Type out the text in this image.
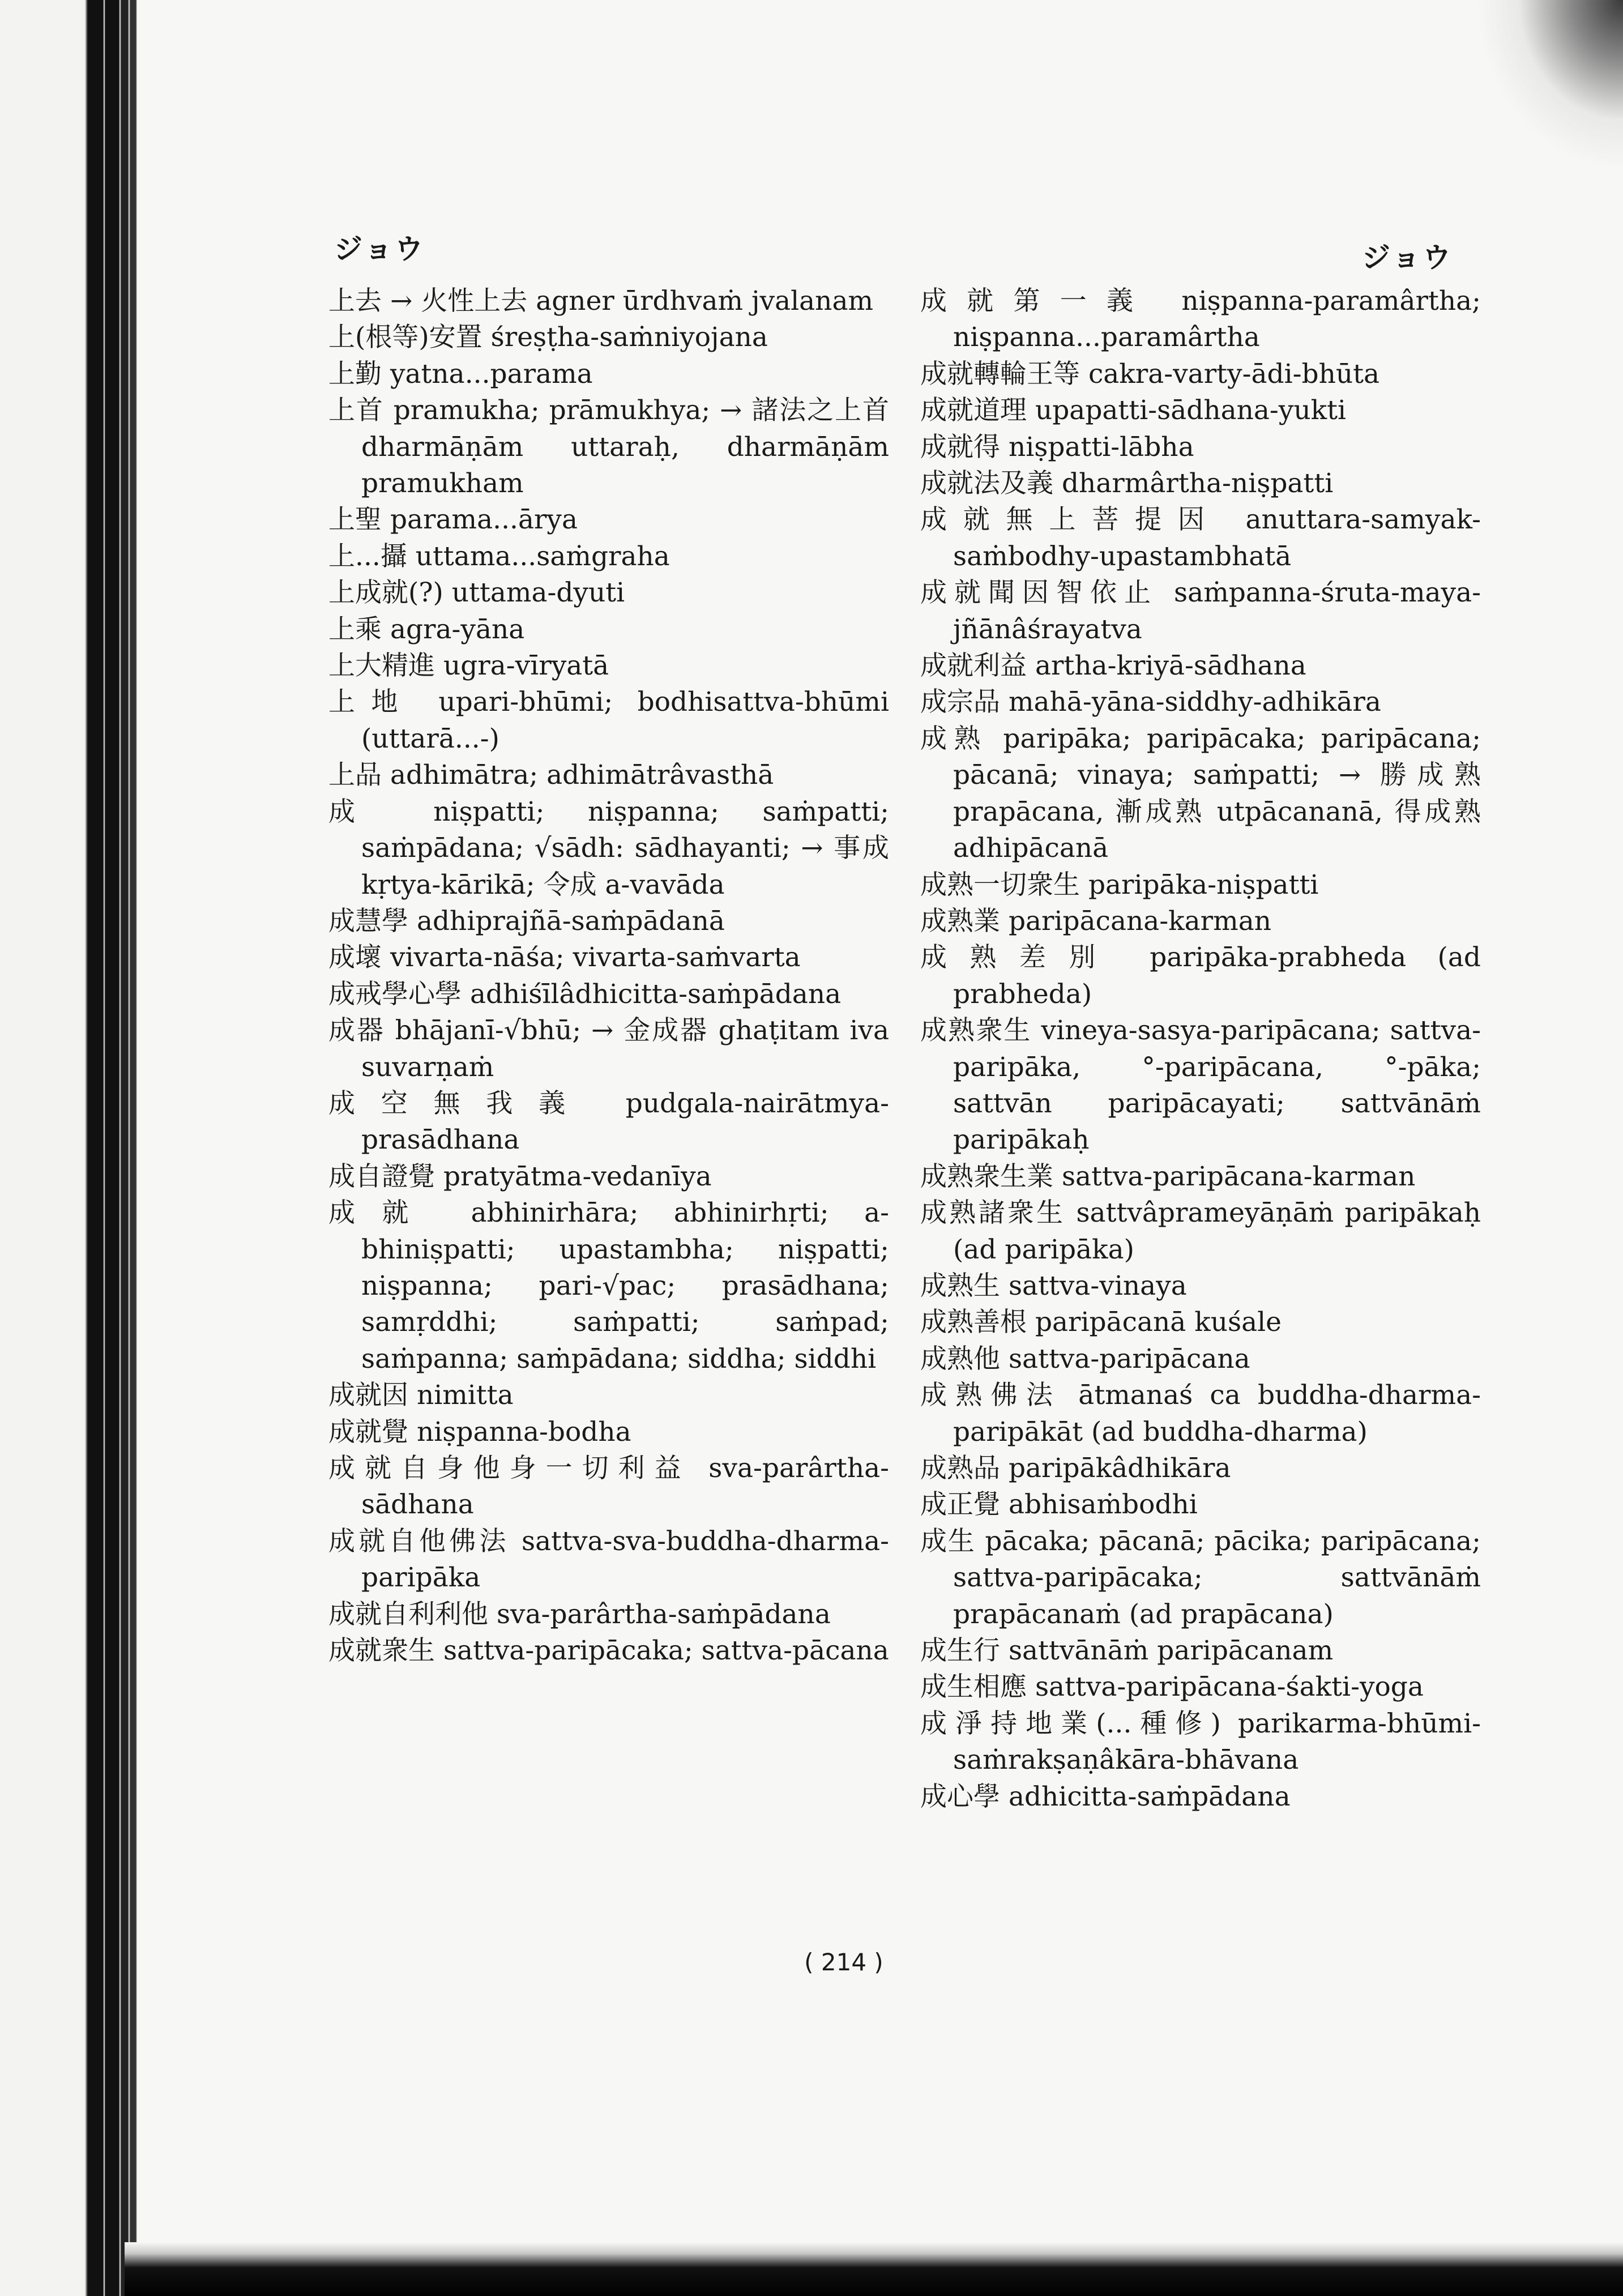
ジョウ	ジョウ

上去 → 火性上去 agner ūrdhvaṁ jvalanam

上(根等)安置 śreṣṭha-saṁniyojana

上勤 yatna...parama

上首 pramukha; prāmukhya; → 諸法之上首 dharmāṇām uttaraḥ, dharmāṇām pramukham

上聖 parama...ārya

上...攝 uttama...saṁgraha

上成就(?) uttama-dyuti

上乘 agra-yāna

上大精進 ugra-vīryatā

上地 upari-bhūmi; bodhisattva-bhūmi (uttarā...-)

上品 adhimātra; adhimātrâvasthā

成 niṣpatti; niṣpanna; saṁpatti; saṁpādana; √sādh: sādhayanti; → 事成 kṛtya-kārikā; 令成 a-vavāda

成慧學 adhiprajñā-saṁpādanā

成壞 vivarta-nāśa; vivarta-saṁvarta

成戒學心學 adhiśīlâdhicitta-saṁpādana

成器 bhājanī-√bhū; → 金成器 ghaṭitam iva suvarṇaṁ

成空無我義 pudgala-nairātmya-prasādhana

成自證覺 pratyātma-vedanīya

成就 abhinirhāra; abhinirhṛti; a-bhiniṣpatti; upastambha; niṣpatti; niṣpanna; pari-√pac; prasādhana; samṛddhi; saṁpatti; saṁpad; saṁpanna; saṁpādana; siddha; siddhi

成就因 nimitta

成就覺 niṣpanna-bodha

成就自身他身一切利益 sva-parârtha-sādhana

成就自他佛法 sattva-sva-buddha-dharma-paripāka

成就自利利他 sva-parârtha-saṁpādana

成就衆生 sattva-paripācaka; sattva-pācana

成就第一義 niṣpanna-paramârtha; niṣpanna...paramârtha

成就轉輪王等 cakra-varty-ādi-bhūta

成就道理 upapatti-sādhana-yukti

成就得 niṣpatti-lābha

成就法及義 dharmârtha-niṣpatti

成就無上菩提因 anuttara-samyak-saṁbodhy-upastambhatā

成就聞因智依止 saṁpanna-śruta-maya-jñānâśrayatva

成就利益 artha-kriyā-sādhana

成宗品 mahā-yāna-siddhy-adhikāra

成熟 paripāka; paripācaka; paripācana; pācanā; vinaya; saṁpatti; → 勝成熟 prapācana, 漸成熟 utpācananā, 得成熟 adhipācanā

成熟一切衆生 paripāka-niṣpatti

成熟業 paripācana-karman

成熟差別 paripāka-prabheda (ad prabheda)

成熟衆生 vineya-sasya-paripācana; sattva-paripāka, °-paripācana, °-pāka; sattvān paripācayati; sattvānāṁ paripākaḥ

成熟衆生業 sattva-paripācana-karman

成熟諸衆生 sattvâprameyāṇāṁ paripākaḥ (ad paripāka)

成熟生 sattva-vinaya

成熟善根 paripācanā kuśale

成熟他 sattva-paripācana

成熟佛法 ātmanaś ca buddha-dharma-paripākāt (ad buddha-dharma)

成熟品 paripākâdhikāra

成正覺 abhisaṁbodhi

成生 pācaka; pācanā; pācika; paripācana; sattva-paripācaka; sattvānāṁ prapācanaṁ (ad prapācana)

成生行 sattvānāṁ paripācanam

成生相應 sattva-paripācana-śakti-yoga

成淨持地業(...種修) parikarma-bhūmi-saṁrakṣaṇâkāra-bhāvana

成心學 adhicitta-saṁpādana

( 214 )
